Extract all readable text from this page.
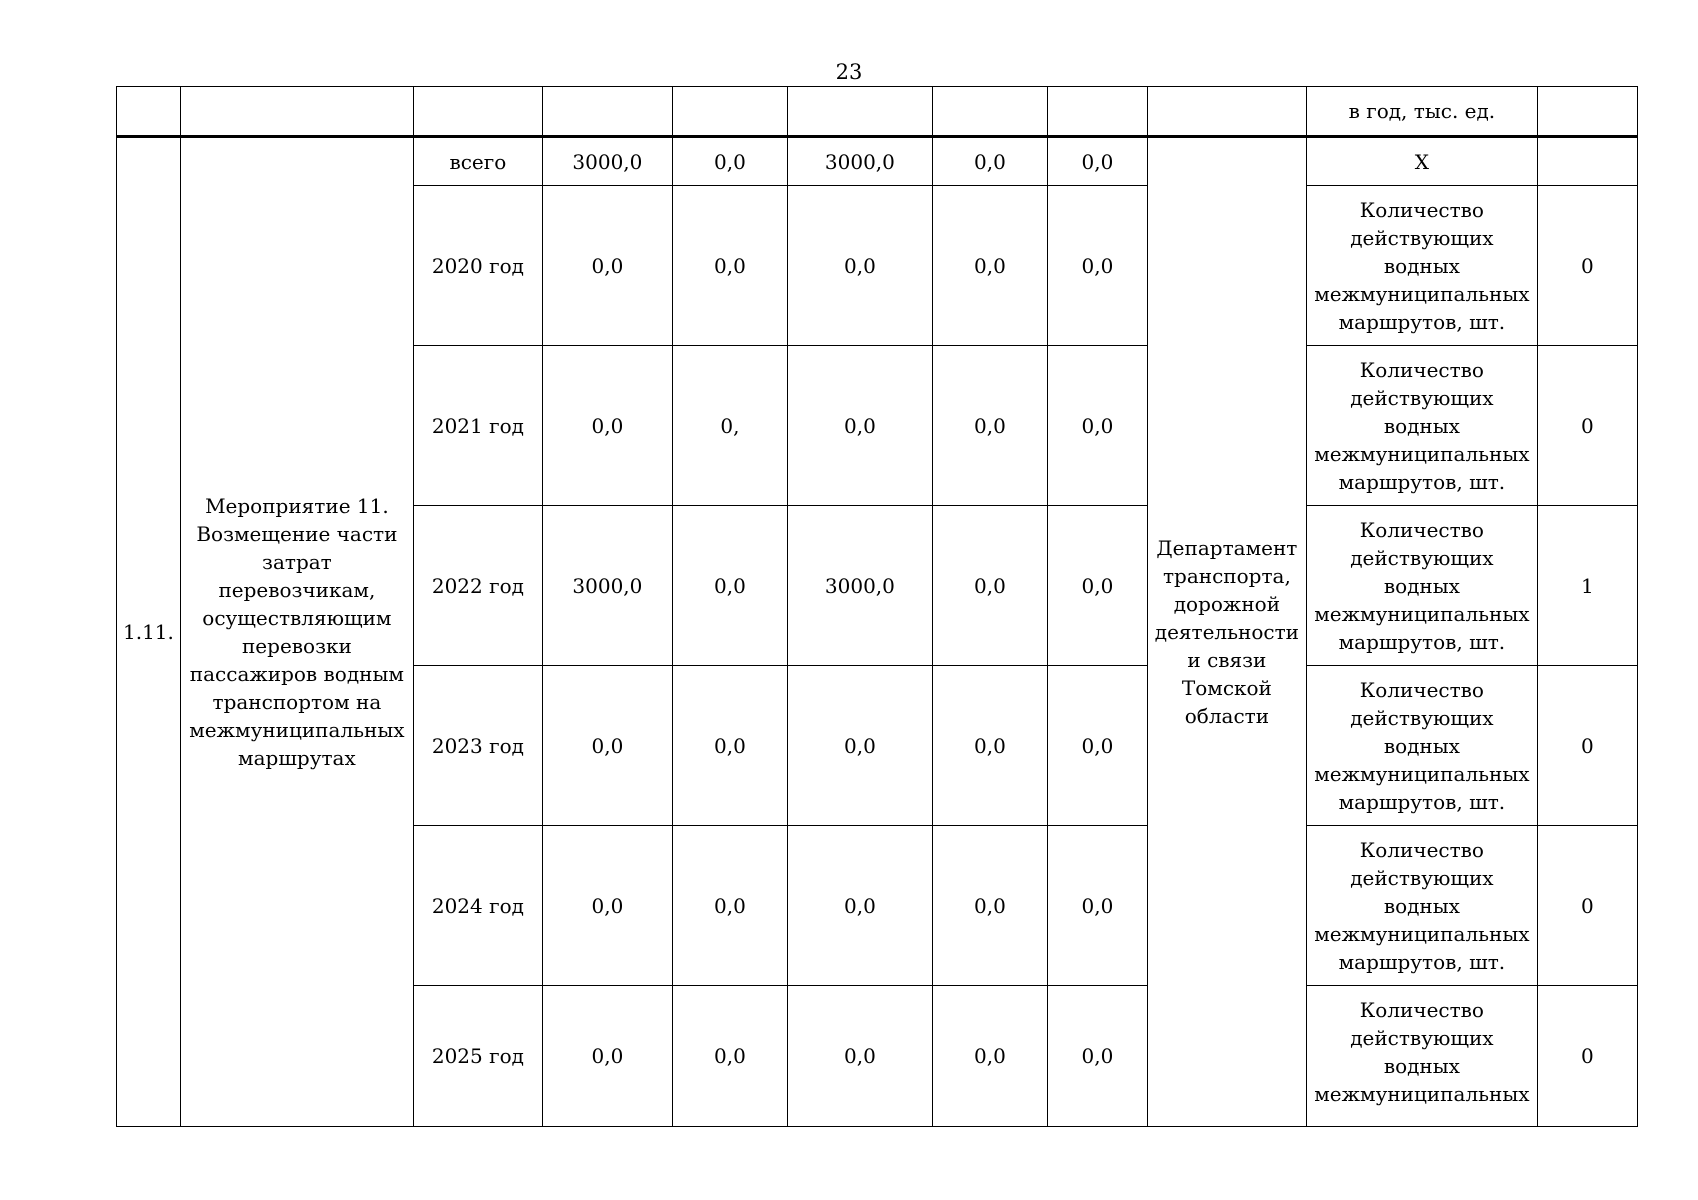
23
									в год, тыс. ед.	
1.11.	Мероприятие 11. Возмещение части затрат перевозчикам, осуществляющим перевозки пассажиров водным транспортом на межмуниципальных маршрутах	всего	3000,0	0,0	3000,0	0,0	0,0	Департамент транспорта, дорожной деятельности и связи Томской области	Х	
		2020 год	0,0	0,0	0,0	0,0	0,0		Количество действующих водных межмуниципальных маршрутов, шт.	0
		2021 год	0,0	0,	0,0	0,0	0,0		Количество действующих водных межмуниципальных маршрутов, шт.	0
		2022 год	3000,0	0,0	3000,0	0,0	0,0		Количество действующих водных межмуниципальных маршрутов, шт.	1
		2023 год	0,0	0,0	0,0	0,0	0,0		Количество действующих водных межмуниципальных маршрутов, шт.	0
		2024 год	0,0	0,0	0,0	0,0	0,0		Количество действующих водных межмуниципальных маршрутов, шт.	0
		2025 год	0,0	0,0	0,0	0,0	0,0		Количество действующих водных межмуниципальных	0
